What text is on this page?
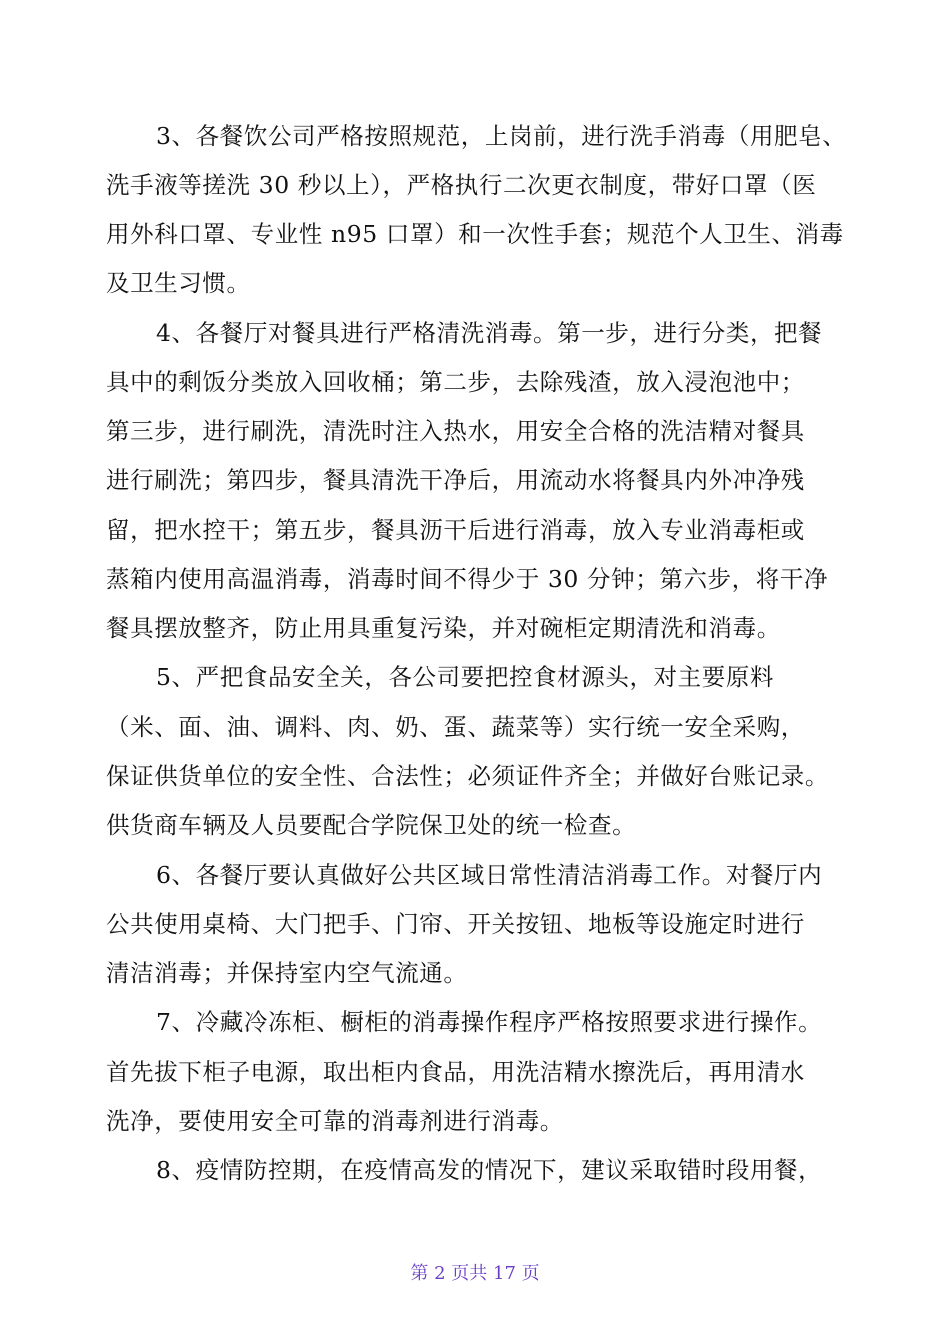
3、各餐饮公司严格按照规范，上岗前，进行洗手消毒（用肥皂、
洗手液等搓洗 30 秒以上），严格执行二次更衣制度，带好口罩（医
用外科口罩、专业性 n95 口罩）和一次性手套；规范个人卫生、消毒
及卫生习惯。
4、各餐厅对餐具进行严格清洗消毒。第一步，进行分类，把餐
具中的剩饭分类放入回收桶；第二步，去除残渣，放入浸泡池中；
第三步，进行刷洗，清洗时注入热水，用安全合格的洗洁精对餐具
进行刷洗；第四步，餐具清洗干净后，用流动水将餐具内外冲净残
留，把水控干；第五步，餐具沥干后进行消毒，放入专业消毒柜或
蒸箱内使用高温消毒，消毒时间不得少于 30 分钟；第六步，将干净
餐具摆放整齐，防止用具重复污染，并对碗柜定期清洗和消毒。
5、严把食品安全关，各公司要把控食材源头，对主要原料
（米、面、油、调料、肉、奶、蛋、蔬菜等）实行统一安全采购，
保证供货单位的安全性、合法性；必须证件齐全；并做好台账记录。
供货商车辆及人员要配合学院保卫处的统一检查。
6、各餐厅要认真做好公共区域日常性清洁消毒工作。对餐厅内
公共使用桌椅、大门把手、门帘、开关按钮、地板等设施定时进行
清洁消毒；并保持室内空气流通。
7、冷藏冷冻柜、橱柜的消毒操作程序严格按照要求进行操作。
首先拔下柜子电源，取出柜内食品，用洗洁精水擦洗后，再用清水
洗净，要使用安全可靠的消毒剂进行消毒。
8、疫情防控期，在疫情高发的情况下，建议采取错时段用餐，
第 2 页共 17 页
